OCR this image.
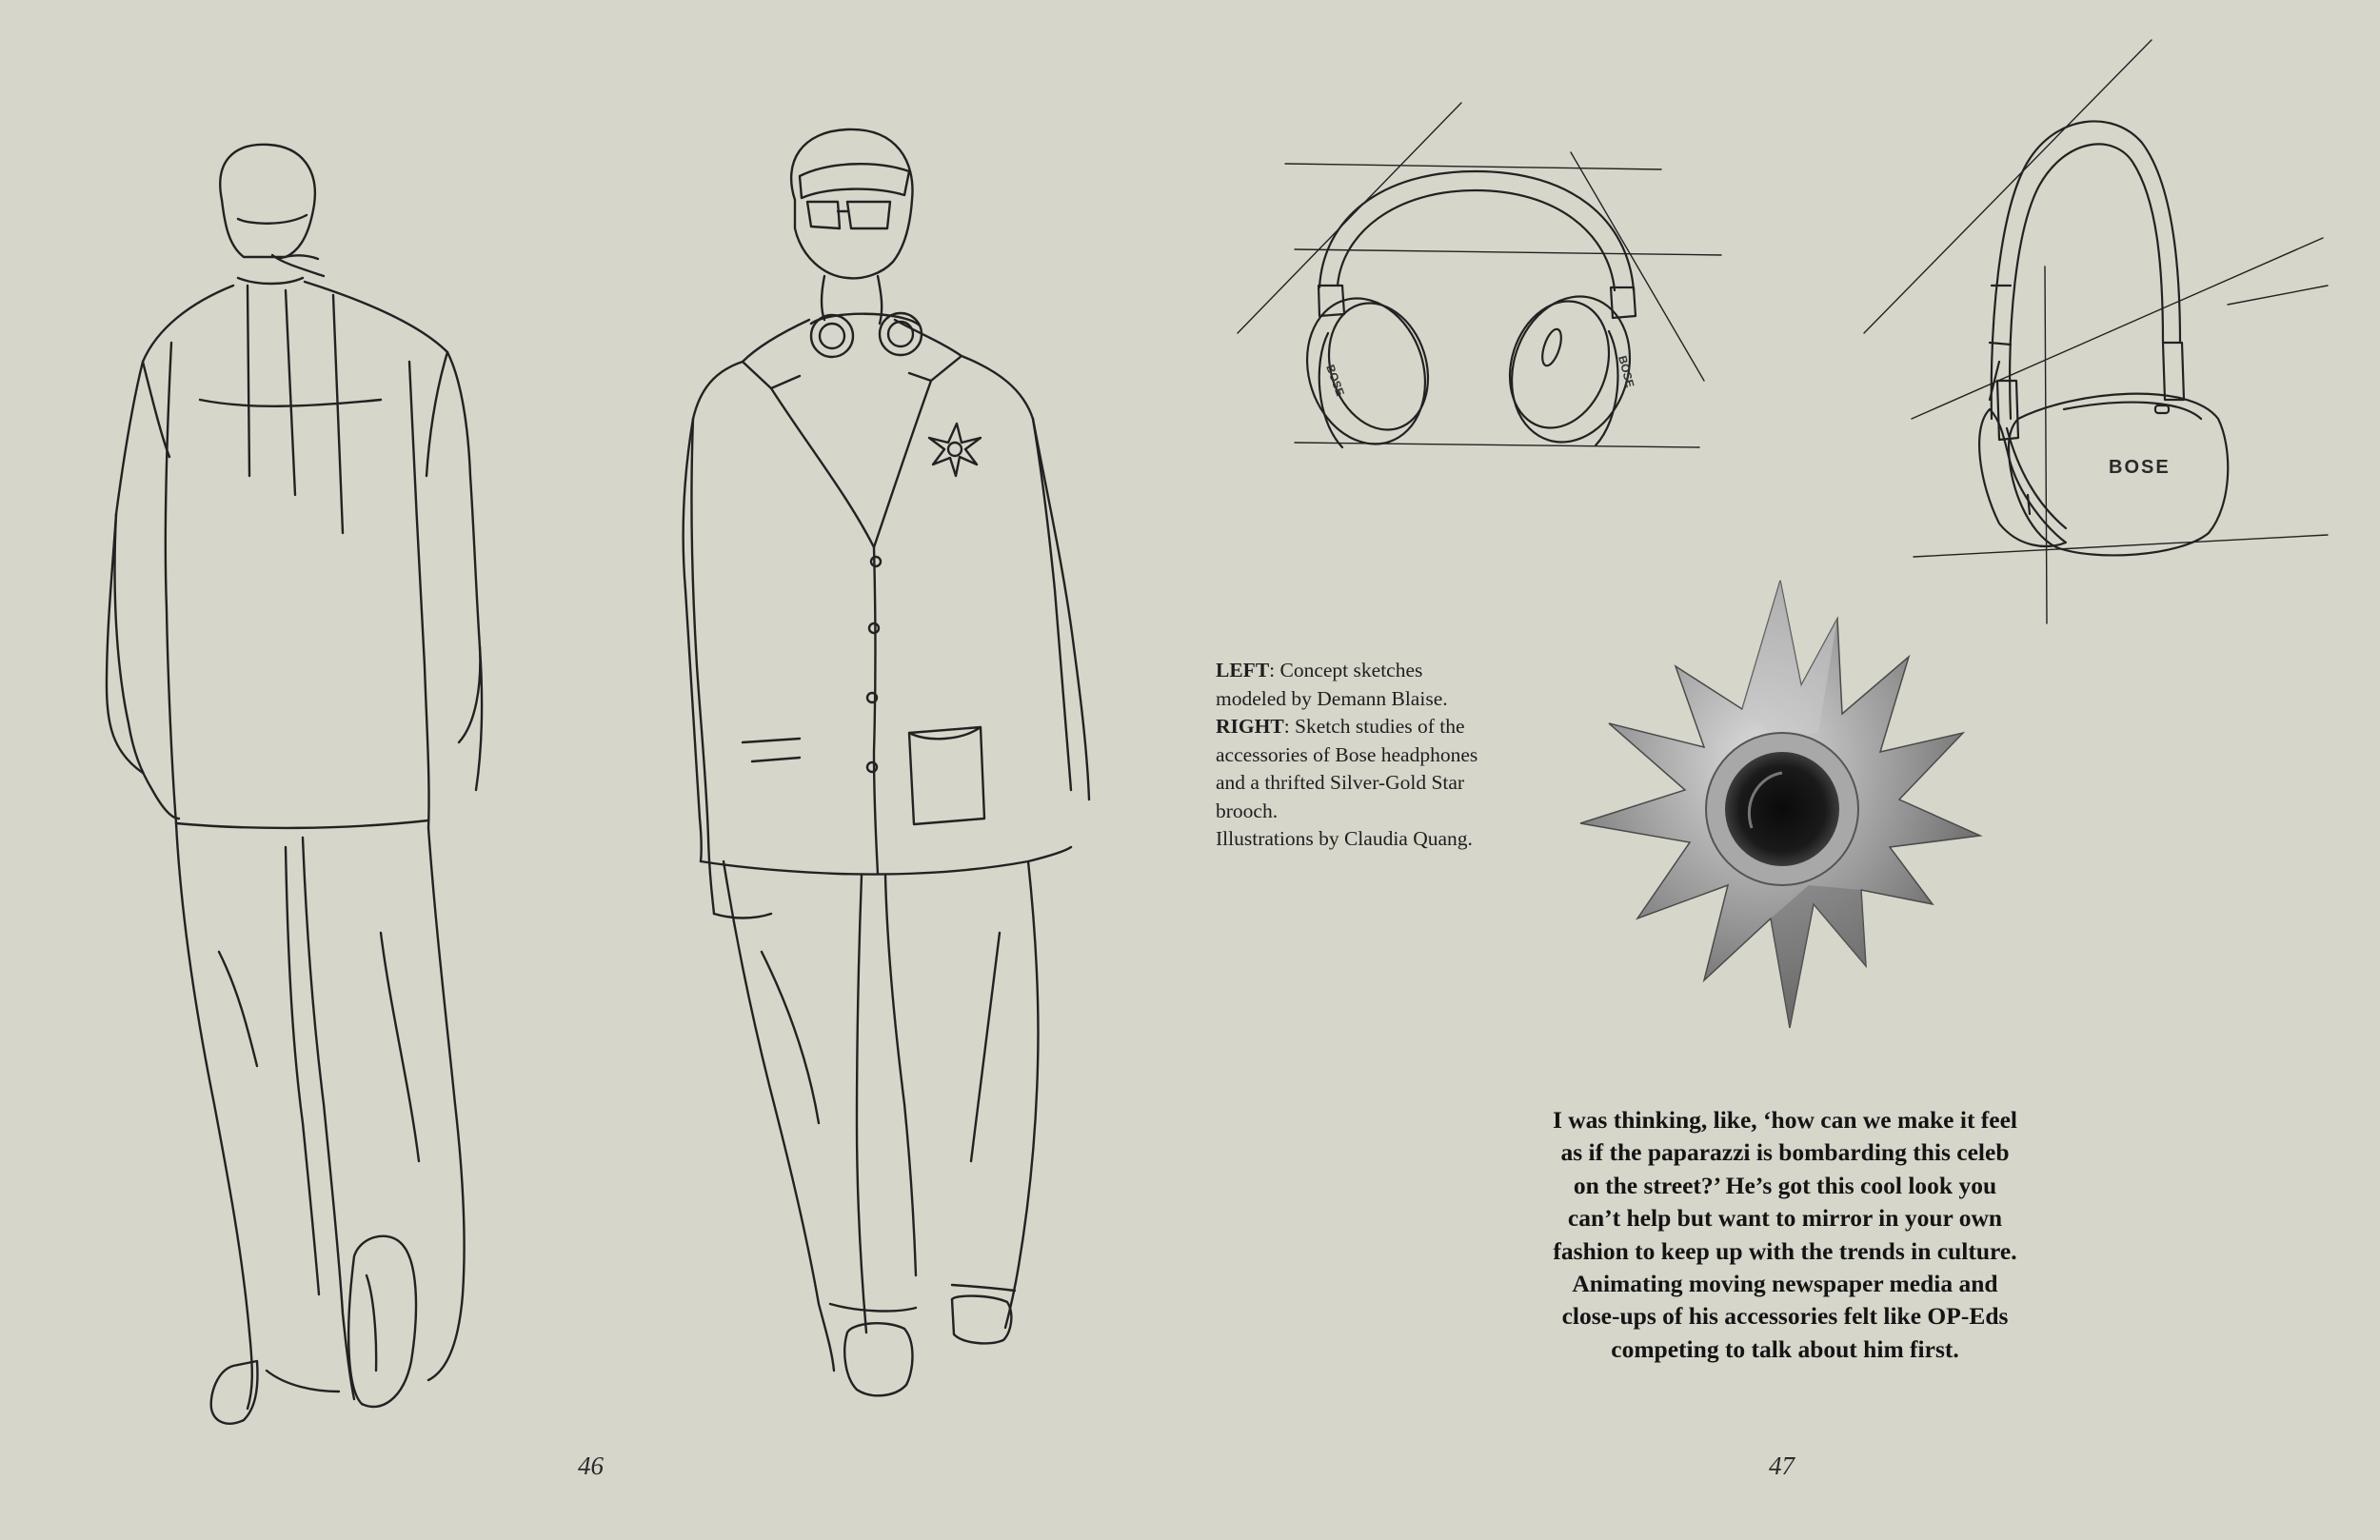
BOSE	BOSE
BOSE
LEFT: Concept sketches
modeled by Demann Blaise.
RIGHT: Sketch studies of the
accessories of Bose headphones
and a thrifted Silver-Gold Star
brooch.
Illustrations by Claudia Quang.
I was thinking, like, ‘how can we make it feel
as if the paparazzi is bombarding this celeb
on the street?’ He’s got this cool look you
can’t help but want to mirror in your own
fashion to keep up with the trends in culture.
Animating moving newspaper media and
close-ups of his accessories felt like OP-Eds
competing to talk about him first.
46	47
